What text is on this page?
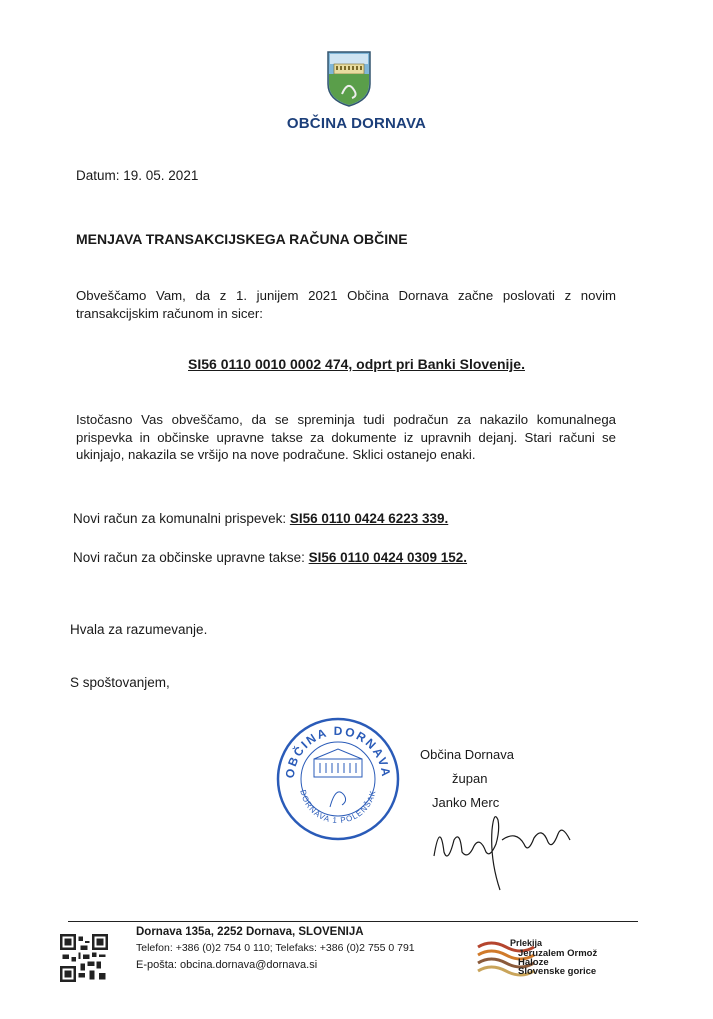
OBČINA DORNAVA
Datum: 19. 05. 2021
MENJAVA TRANSAKCIJSKEGA RAČUNA OBČINE
Obveščamo Vam, da z 1. junijem 2021 Občina Dornava začne poslovati z novim transakcijskim računom in sicer:
SI56 0110 0010 0002 474, odprt pri Banki Slovenije.
Istočasno Vas obveščamo, da se spreminja tudi podračun za nakazilo komunalnega prispevka in občinske upravne takse za dokumente iz upravnih dejanj. Stari računi se ukinjajo, nakazila se vršijo na nove podračune. Sklici ostanejo enaki.
Novi račun za komunalni prispevek: SI56 0110 0424 6223 339.
Novi račun za občinske upravne takse: SI56 0110 0424 0309 152.
Hvala za razumevanje.
S spoštovanjem,
OBČINA DORNAVA
DORNAVA 1 POLENŠAK
Občina Dornava
župan
Janko Merc
Dornava 135a, 2252 Dornava, SLOVENIJA
Telefon: +386 (0)2 754 0 110; Telefaks: +386 (0)2 755 0 791
E-pošta: obcina.dornava@dornava.si
Prlekija
Jeruzalem Ormož
Haloze
Slovenske gorice
